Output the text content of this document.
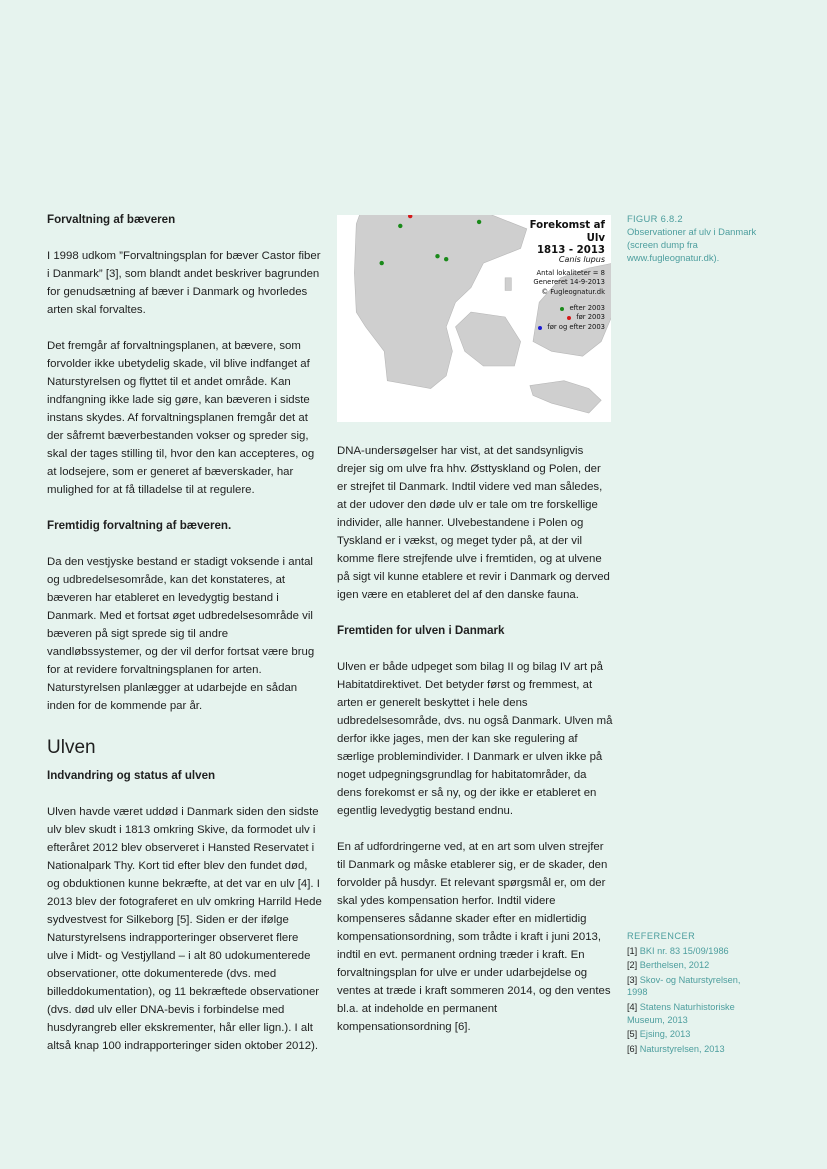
Forvaltning af bæveren

I 1998 udkom ”Forvaltningsplan for bæver Castor fiber i Danmark” [3], som blandt andet beskriver bagrunden for genudsætning af bæver i Danmark og hvorledes arten skal forvaltes.

Det fremgår af forvaltningsplanen, at bævere, som forvolder ikke ubetydelig skade, vil blive indfanget af Naturstyrelsen og flyttet til et andet område. Kan indfangning ikke lade sig gøre, kan bæveren i sidste instans skydes. Af forvaltningsplanen fremgår det at der såfremt bæverbestanden vokser og spreder sig, skal der tages stilling til, hvor den kan accepteres, og at lodsejere, som er generet af bæverskader, har mulighed for at få tilladelse til at regulere.

Fremtidig forvaltning af bæveren.

Da den vestjyske bestand er stadigt voksende i antal og udbredelsesområde, kan det konstateres, at bæveren har etableret en levedygtig bestand i Danmark. Med et fortsat øget udbredelsesområde vil bæveren på sigt sprede sig til andre vandløbssystemer, og der vil derfor fortsat være brug for at revidere forvaltningsplanen for arten. Naturstyrelsen planlægger at udarbejde en sådan inden for de kommende par år.

Ulven
Indvandring og status af ulven

Ulven havde været uddød i Danmark siden den sidste ulv blev skudt i 1813 omkring Skive, da formodet ulv i efteråret 2012 blev observeret i Hansted Reservatet i Nationalpark Thy. Kort tid efter blev den fundet død, og obduktionen kunne bekræfte, at det var en ulv [4]. I 2013 blev der fotograferet en ulv omkring Harrild Hede sydvestvest for Silkeborg [5]. Siden er der ifølge Naturstyrelsens indrapporteringer observeret flere ulve i Midt- og Vestjylland – i alt 80 udokumenterede observationer, otte dokumenterede (dvs. med billeddokumentation), og 11 bekræftede observationer (dvs. død ulv eller DNA-bevis i forbindelse med husdyrangreb eller ekskrementer, hår eller lign.). I alt altså knap 100 indrapporteringer siden oktober 2012).

Forekomst af
Ulv
1813 - 2013
Canis lupus
Antal lokaliteter = 8
Genereret 14-9-2013
© Fugleognatur.dk
efter 2003
før 2003
før og efter 2003
FIGUR 6.8.2
Observationer af ulv i Danmark (screen dump fra www.fugleognatur.dk).

DNA-undersøgelser har vist, at det sandsynligvis drejer sig om ulve fra hhv. Østtyskland og Polen, der er strejfet til Danmark. Indtil videre ved man således, at der udover den døde ulv er tale om tre forskellige individer, alle hanner. Ulvebestandene i Polen og Tyskland er i vækst, og meget tyder på, at der vil komme flere strejfende ulve i fremtiden, og at ulvene på sigt vil kunne etablere et revir i Danmark og derved igen være en etableret del af den danske fauna.

Fremtiden for ulven i Danmark

Ulven er både udpeget som bilag II og bilag IV art på Habitatdirektivet. Det betyder først og fremmest, at arten er generelt beskyttet i hele dens udbredelsesområde, dvs. nu også Danmark. Ulven må derfor ikke jages, men der kan ske regulering af særlige problemindivider. I Danmark er ulven ikke på noget udpegningsgrundlag for habitatområder, da dens forekomst er så ny, og der ikke er etableret en egentlig levedygtig bestand endnu.

En af udfordringerne ved, at en art som ulven strejfer til Danmark og måske etablerer sig, er de skader, den forvolder på husdyr. Et relevant spørgsmål er, om der skal ydes kompensation herfor. Indtil videre kompenseres sådanne skader efter en midlertidig kompensationsordning, som trådte i kraft i juni 2013, indtil en evt. permanent ordning træder i kraft. En forvaltningsplan for ulve er under udarbejdelse og ventes at træde i kraft sommeren 2014, og den ventes bl.a. at indeholde en permanent kompensationsordning [6].

REFERENCER
[1] BKI nr. 83 15/09/1986
[2] Berthelsen, 2012
[3] Skov- og Naturstyrelsen, 1998
[4] Statens Naturhistoriske Museum, 2013
[5] Ejsing, 2013
[6] Naturstyrelsen, 2013
